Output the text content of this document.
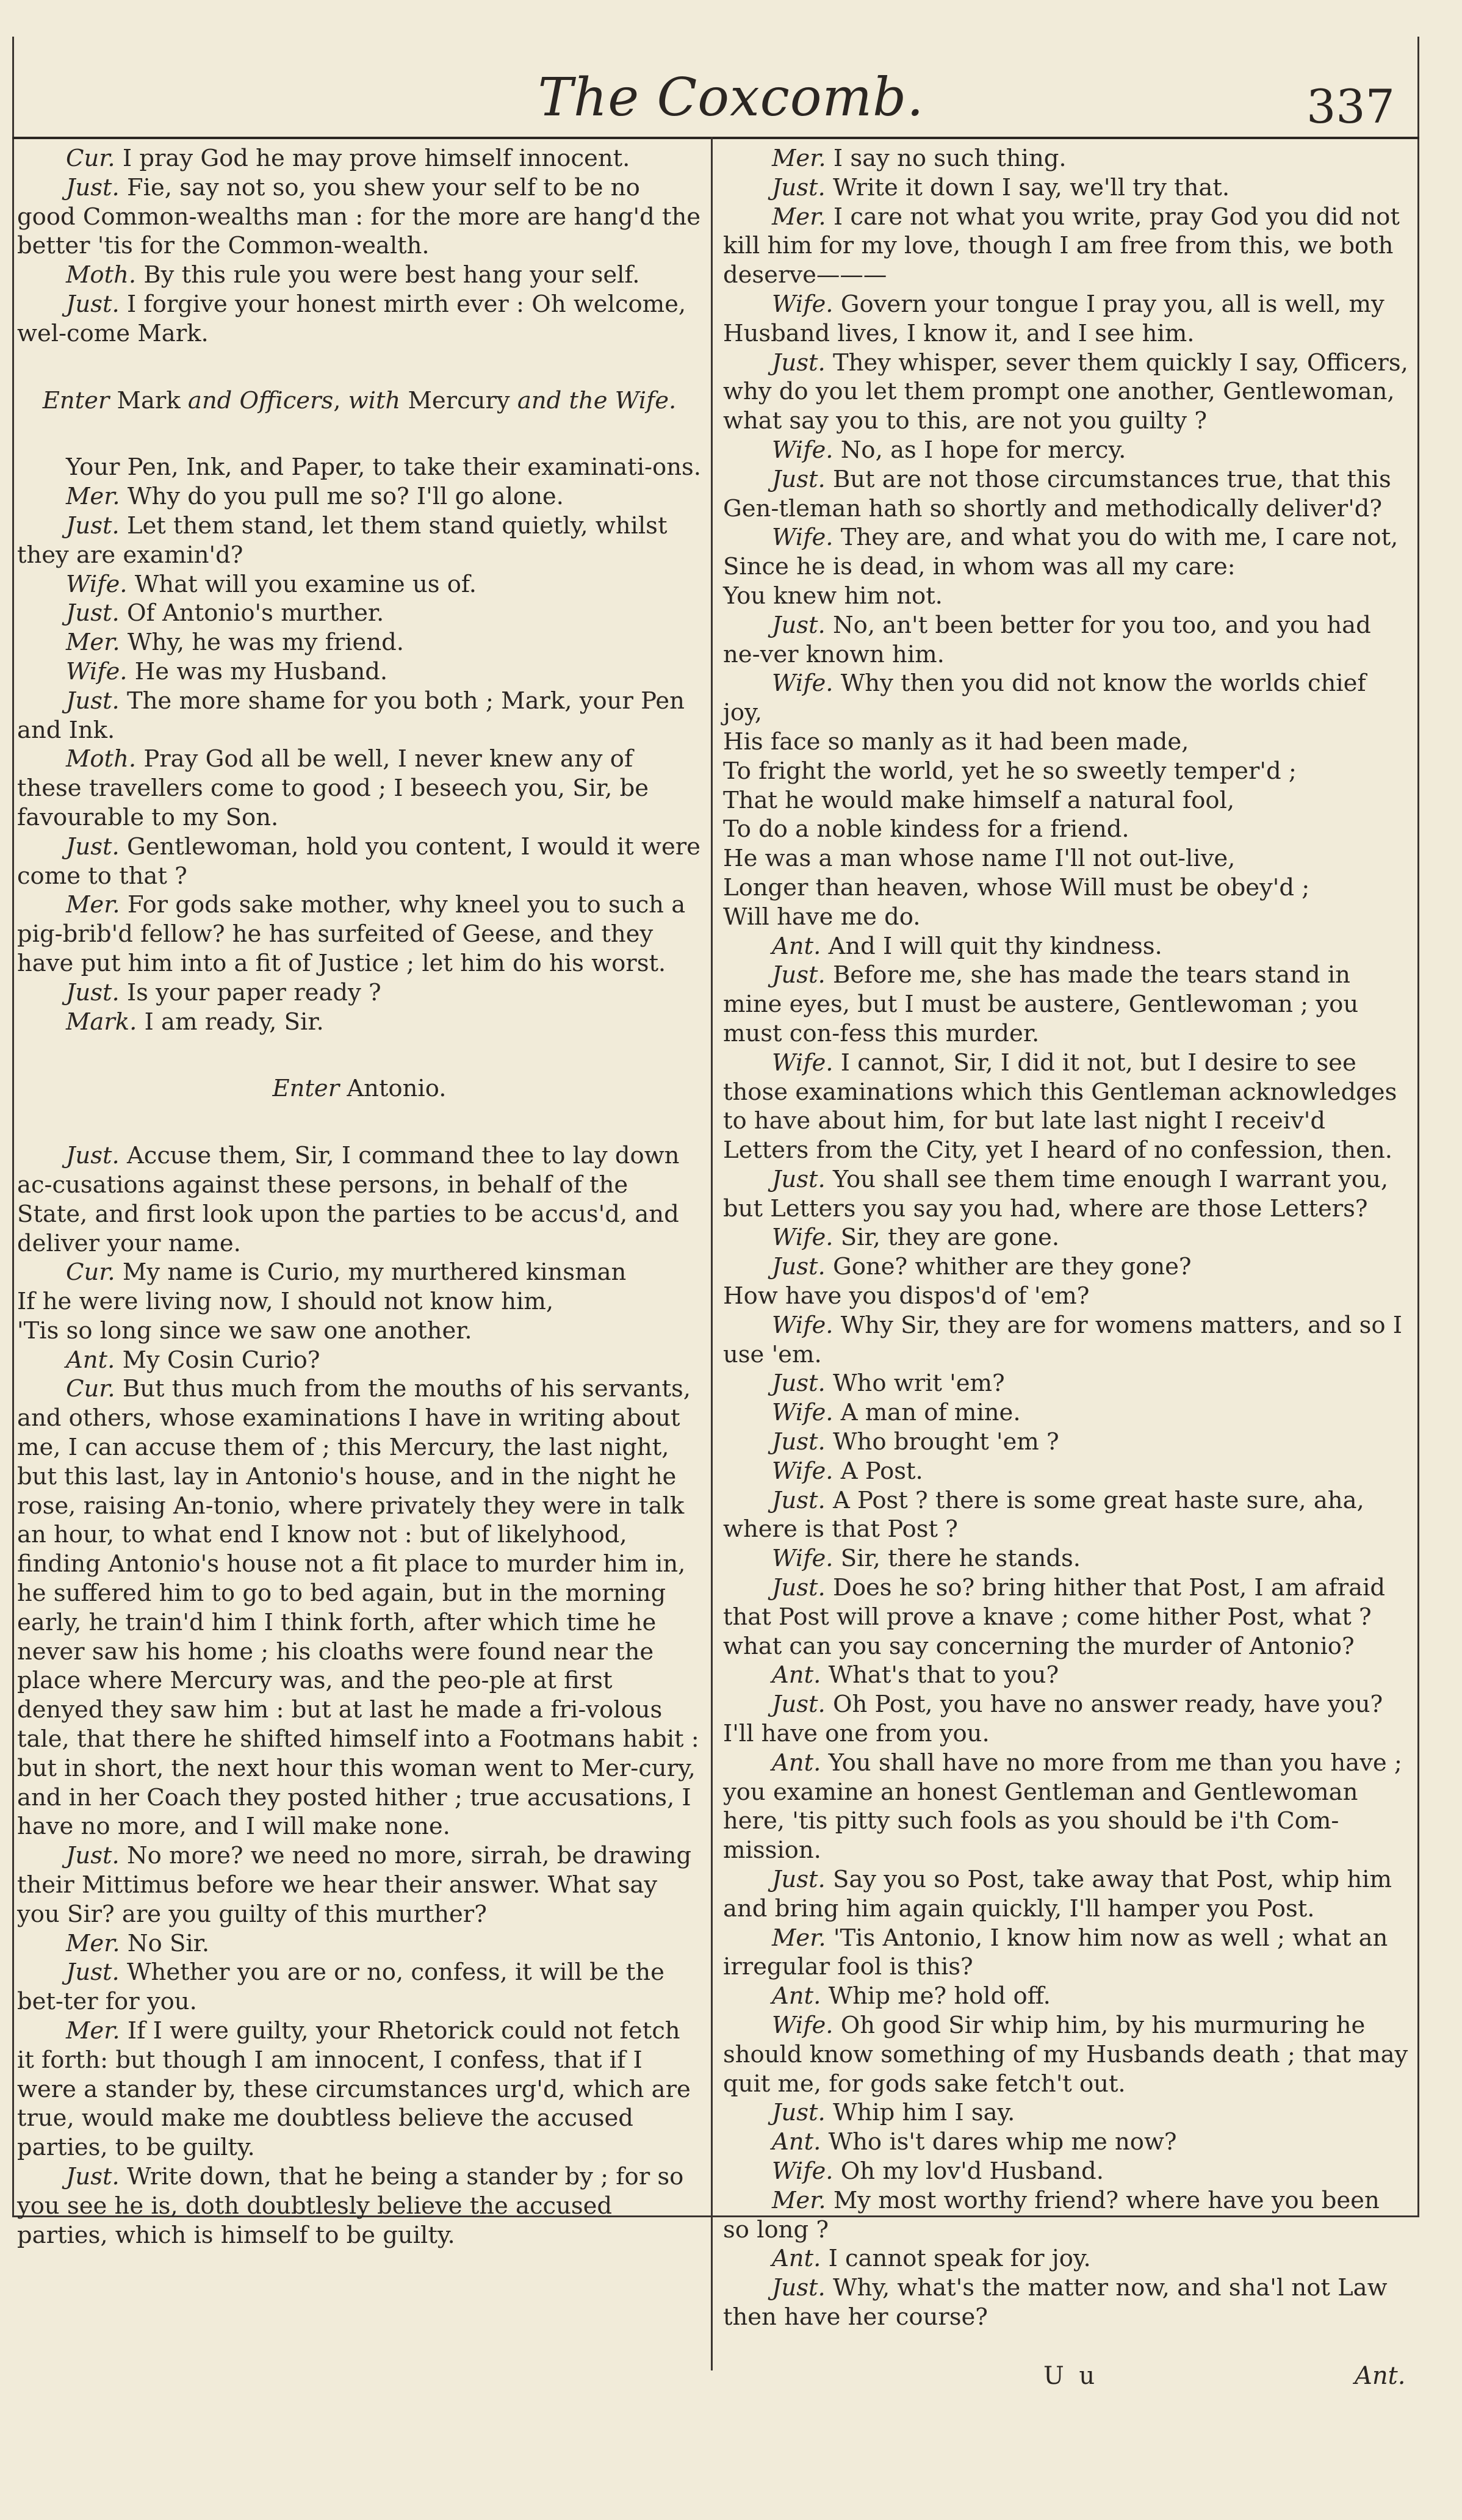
The Coxcomb.	337

Cur. I pray God he may prove himself innocent.

Just. Fie, say not so, you shew your self to be no good Common-wealths man : for the more are hang'd the better 'tis for the Common-wealth.

Moth. By this rule you were best hang your self.

Just. I forgive your honest mirth ever : Oh welcome, wel-come Mark.

Enter Mark and Officers, with Mercury and the Wife.

Your Pen, Ink, and Paper, to take their examinati-ons.

Mer. Why do you pull me so? I'll go alone.

Just. Let them stand, let them stand quietly, whilst they are examin'd?

Wife. What will you examine us of.

Just. Of Antonio's murther.

Mer. Why, he was my friend.

Wife. He was my Husband.

Just. The more shame for you both ; Mark, your Pen and Ink.

Moth. Pray God all be well, I never knew any of these travellers come to good ; I beseech you, Sir, be favourable to my Son.

Just. Gentlewoman, hold you content, I would it were come to that ?

Mer. For gods sake mother, why kneel you to such a pig-brib'd fellow? he has surfeited of Geese, and they have put him into a fit of Justice ; let him do his worst.

Just. Is your paper ready ?

Mark. I am ready, Sir.

Enter Antonio.

Just. Accuse them, Sir, I command thee to lay down ac-cusations against these persons, in behalf of the State, and first look upon the parties to be accus'd, and deliver your name.

Cur. My name is Curio, my murthered kinsman

If he were living now, I should not know him,

'Tis so long since we saw one another.

Ant. My Cosin Curio?

Cur. But thus much from the mouths of his servants, and others, whose examinations I have in writing about me, I can accuse them of ; this Mercury, the last night, but this last, lay in Antonio's house, and in the night he rose, raising An-tonio, where privately they were in talk an hour, to what end I know not : but of likelyhood, finding Antonio's house not a fit place to murder him in, he suffered him to go to bed again, but in the morning early, he train'd him I think forth, after which time he never saw his home ; his cloaths were found near the place where Mercury was, and the peo-ple at first denyed they saw him : but at last he made a fri-volous tale, that there he shifted himself into a Footmans habit : but in short, the next hour this woman went to Mer-cury, and in her Coach they posted hither ; true accusations, I have no more, and I will make none.

Just. No more? we need no more, sirrah, be drawing their Mittimus before we hear their answer. What say you Sir? are you guilty of this murther?

Mer. No Sir.

Just. Whether you are or no, confess, it will be the bet-ter for you.

Mer. If I were guilty, your Rhetorick could not fetch it forth: but though I am innocent, I confess, that if I were a stander by, these circumstances urg'd, which are true, would make me doubtless believe the accused parties, to be guilty.

Just. Write down, that he being a stander by ; for so you see he is, doth doubtlesly believe the accused parties, which is himself to be guilty.

Mer. I say no such thing.

Just. Write it down I say, we'll try that.

Mer. I care not what you write, pray God you did not kill him for my love, though I am free from this, we both deserve———

Wife. Govern your tongue I pray you, all is well, my Husband lives, I know it, and I see him.

Just. They whisper, sever them quickly I say, Officers, why do you let them prompt one another, Gentlewoman, what say you to this, are not you guilty ?

Wife. No, as I hope for mercy.

Just. But are not those circumstances true, that this Gen-tleman hath so shortly and methodically deliver'd?

Wife. They are, and what you do with me, I care not,

Since he is dead, in whom was all my care:

You knew him not.

Just. No, an't been better for you too, and you had ne-ver known him.

Wife. Why then you did not know the worlds chief joy,

His face so manly as it had been made,

To fright the world, yet he so sweetly temper'd ;

That he would make himself a natural fool,

To do a noble kindess for a friend.

He was a man whose name I'll not out-live,

Longer than heaven, whose Will must be obey'd ;

Will have me do.

Ant. And I will quit thy kindness.

Just. Before me, she has made the tears stand in mine eyes, but I must be austere, Gentlewoman ; you must con-fess this murder.

Wife. I cannot, Sir, I did it not, but I desire to see those examinations which this Gentleman acknowledges to have about him, for but late last night I receiv'd Letters from the City, yet I heard of no confession, then.

Just. You shall see them time enough I warrant you, but Letters you say you had, where are those Letters?

Wife. Sir, they are gone.

Just. Gone? whither are they gone?

How have you dispos'd of 'em?

Wife. Why Sir, they are for womens matters, and so I use 'em.

Just. Who writ 'em?

Wife. A man of mine.

Just. Who brought 'em ?

Wife. A Post.

Just. A Post ? there is some great haste sure, aha, where is that Post ?

Wife. Sir, there he stands.

Just. Does he so? bring hither that Post, I am afraid that Post will prove a knave ; come hither Post, what ? what can you say concerning the murder of Antonio?

Ant. What's that to you?

Just. Oh Post, you have no answer ready, have you? I'll have one from you.

Ant. You shall have no more from me than you have ; you examine an honest Gentleman and Gentlewoman here, 'tis pitty such fools as you should be i'th Com-mission.

Just. Say you so Post, take away that Post, whip him and bring him again quickly, I'll hamper you Post.

Mer. 'Tis Antonio, I know him now as well ; what an irregular fool is this?

Ant. Whip me? hold off.

Wife. Oh good Sir whip him, by his murmuring he should know something of my Husbands death ; that may quit me, for gods sake fetch't out.

Just. Whip him I say.

Ant. Who is't dares whip me now?

Wife. Oh my lov'd Husband.

Mer. My most worthy friend? where have you been so long ?

Ant. I cannot speak for joy.

Just. Why, what's the matter now, and sha'l not Law then have her course?

U u	Ant.
